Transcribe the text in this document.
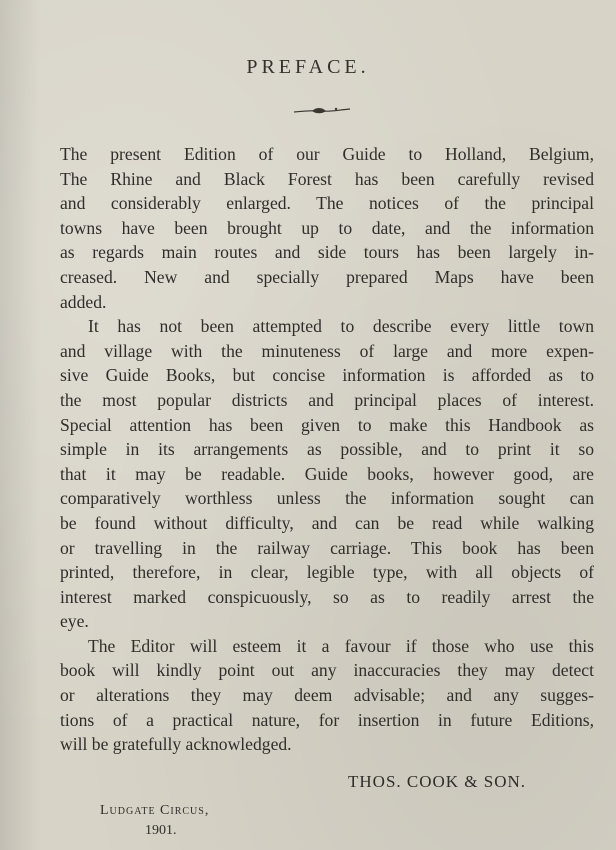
PREFACE.
The present Edition of our Guide to Holland, Belgium,
The Rhine and Black Forest has been carefully revised
and considerably enlarged. The notices of the principal
towns have been brought up to date, and the information
as regards main routes and side tours has been largely in-
creased. New and specially prepared Maps have been
added.
It has not been attempted to describe every little town
and village with the minuteness of large and more expen-
sive Guide Books, but concise information is afforded as to
the most popular districts and principal places of interest.
Special attention has been given to make this Handbook as
simple in its arrangements as possible, and to print it so
that it may be readable. Guide books, however good, are
comparatively worthless unless the information sought can
be found without difficulty, and can be read while walking
or travelling in the railway carriage. This book has been
printed, therefore, in clear, legible type, with all objects of
interest marked conspicuously, so as to readily arrest the
eye.
The Editor will esteem it a favour if those who use this
book will kindly point out any inaccuracies they may detect
or alterations they may deem advisable; and any sugges-
tions of a practical nature, for insertion in future Editions,
will be gratefully acknowledged.
THOS. COOK & SON.
Ludgate Circus,
1901.
